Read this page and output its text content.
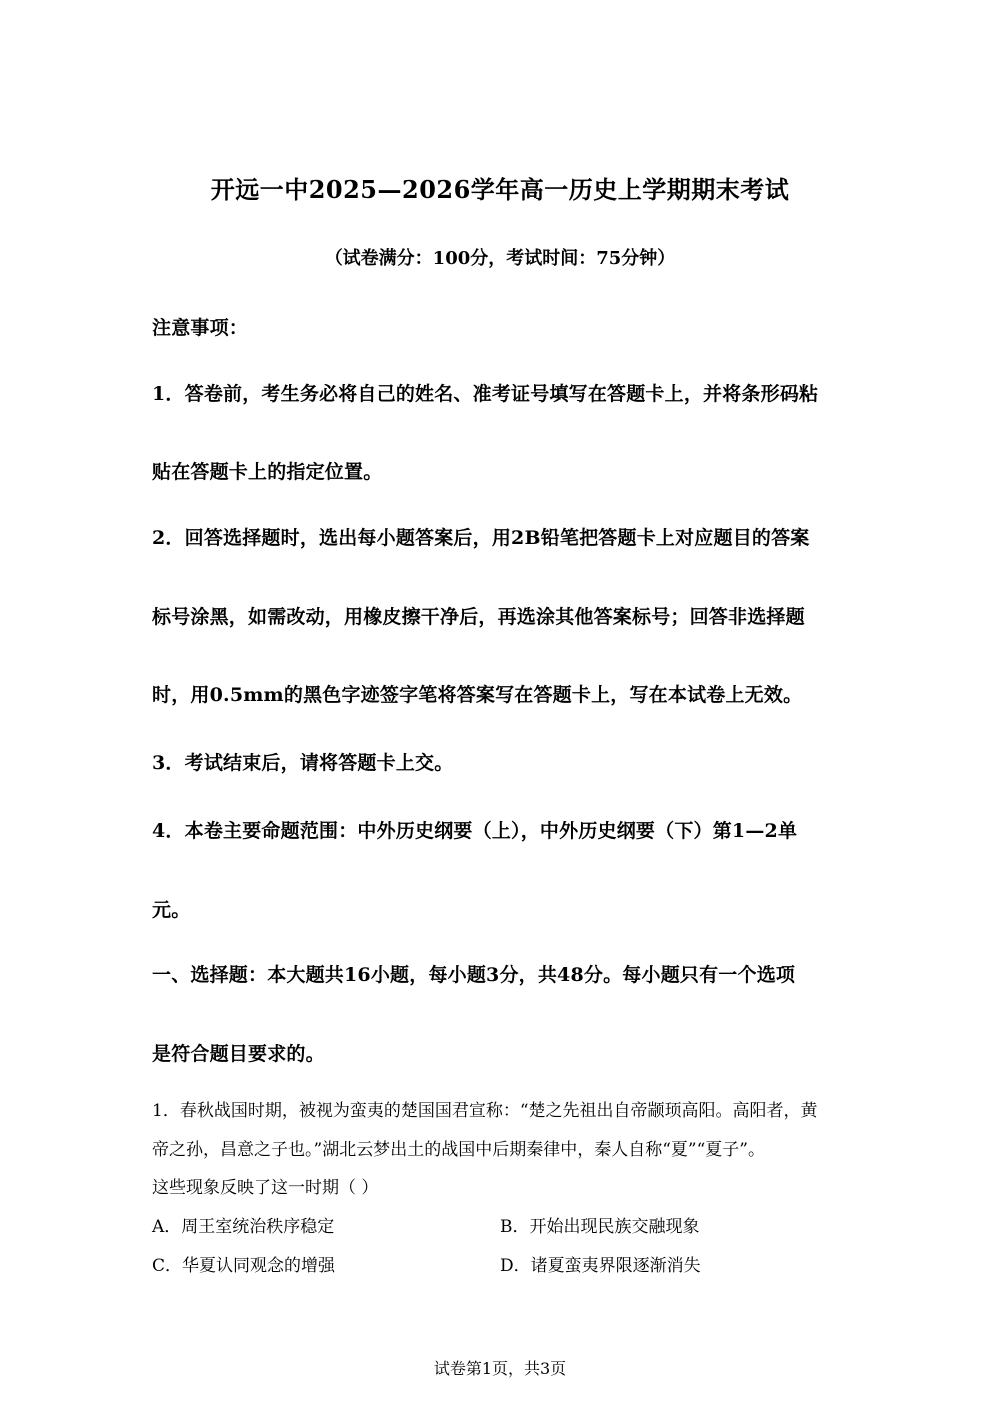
开远一中2025—2026学年高一历史上学期期末考试
（试卷满分：100分，考试时间：75分钟）
注意事项：
1．答卷前，考生务必将自己的姓名、准考证号填写在答题卡上，并将条形码粘
贴在答题卡上的指定位置。
2．回答选择题时，选出每小题答案后，用2B铅笔把答题卡上对应题目的答案
标号涂黑，如需改动，用橡皮擦干净后，再选涂其他答案标号；回答非选择题
时，用0.5mm的黑色字迹签字笔将答案写在答题卡上，写在本试卷上无效。
3．考试结束后，请将答题卡上交。
4．本卷主要命题范围：中外历史纲要（上），中外历史纲要（下）第1—2单
元。
一、选择题：本大题共16小题，每小题3分，共48分。每小题只有一个选项
是符合题目要求的。
1．春秋战国时期，被视为蛮夷的楚国国君宣称：“楚之先祖出自帝颛顼高阳。高阳者，黄
帝之孙，昌意之子也。”湖北云梦出土的战国中后期秦律中，秦人自称“夏”“夏子”。
这些现象反映了这一时期（ ）
A．周王室统治秩序稳定	B．开始出现民族交融现象
C．华夏认同观念的增强	D．诸夏蛮夷界限逐渐消失
试卷第1页，共3页
